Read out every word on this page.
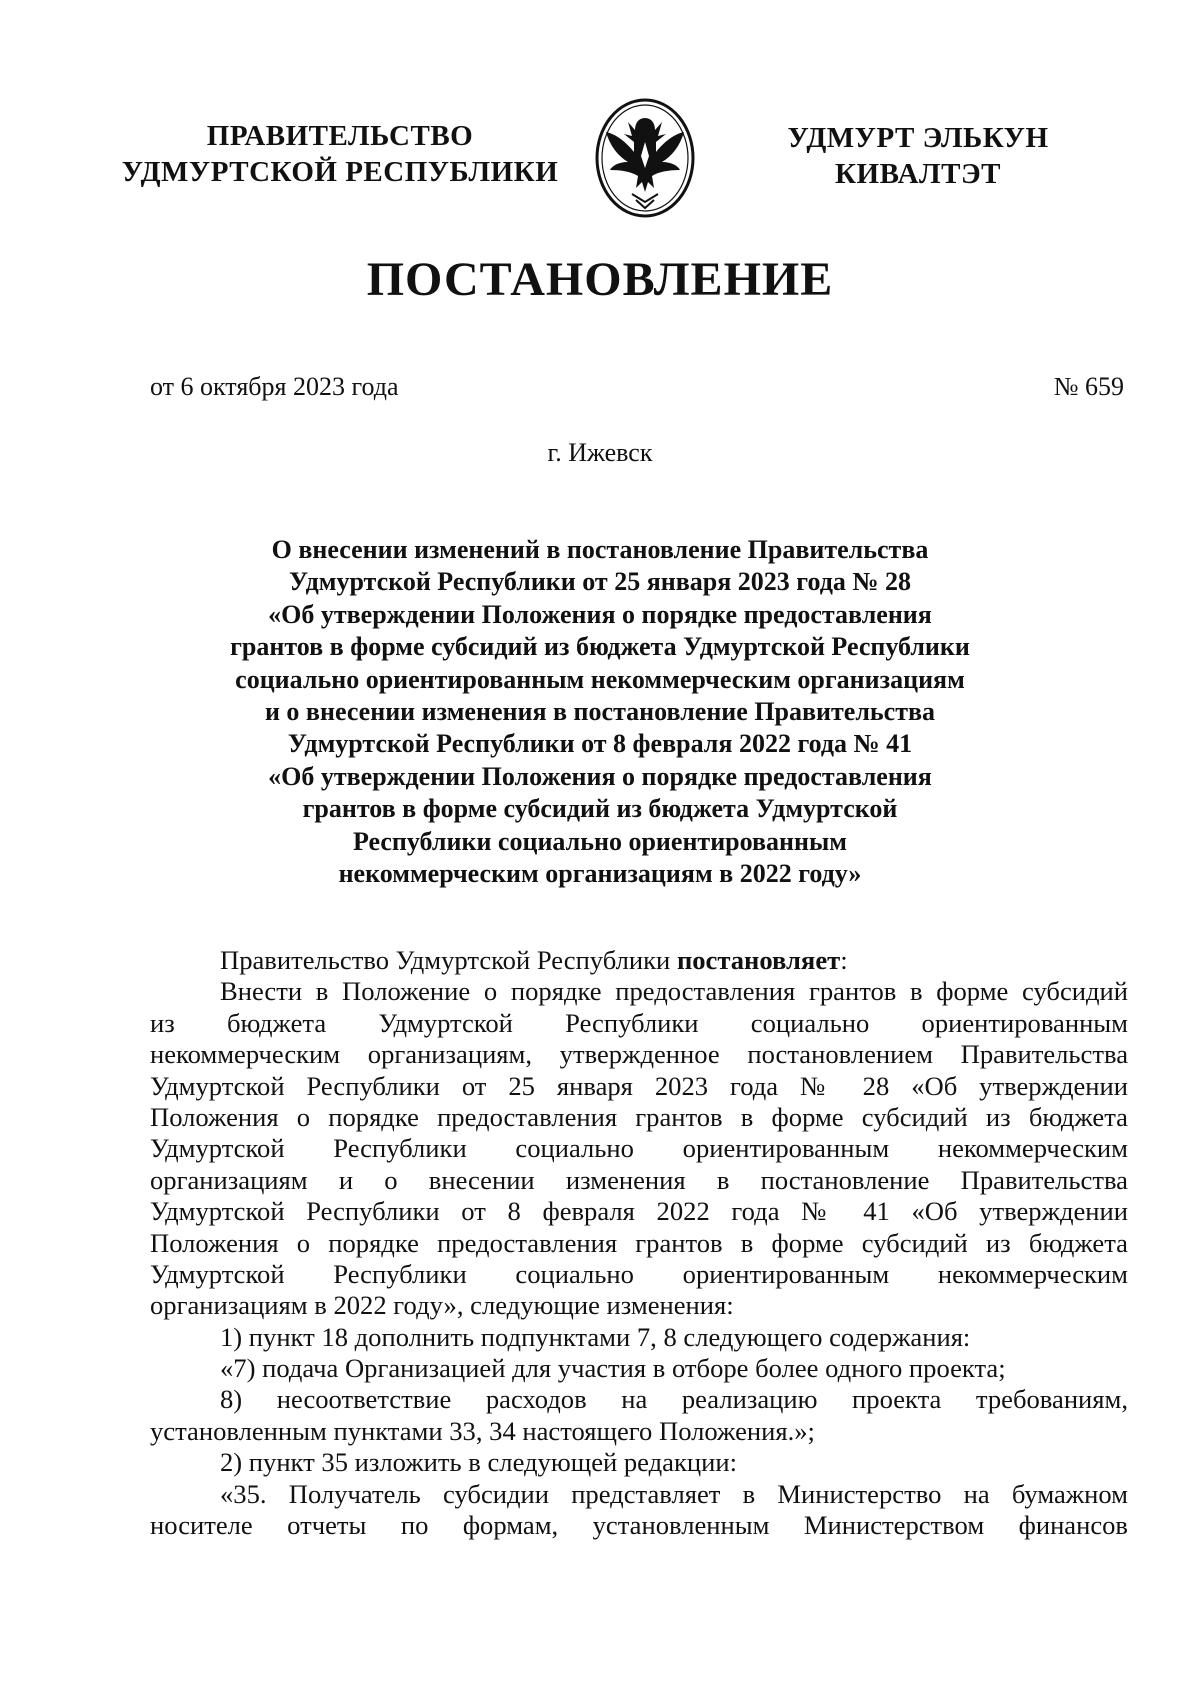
ПРАВИТЕЛЬСТВО
УДМУРТСКОЙ РЕСПУБЛИКИ
УДМУРТ ЭЛЬКУН
КИВАЛТЭТ
ПОСТАНОВЛЕНИЕ
от 6 октября 2023 года	№ 659
г. Ижевск
О внесении изменений в постановление Правительства
Удмуртской Республики от 25 января 2023 года № 28
«Об утверждении Положения о порядке предоставления
грантов в форме субсидий из бюджета Удмуртской Республики
социально ориентированным некоммерческим организациям
и о внесении изменения в постановление Правительства
Удмуртской Республики от 8 февраля 2022 года № 41
«Об утверждении Положения о порядке предоставления
грантов в форме субсидий из бюджета Удмуртской
Республики социально ориентированным
некоммерческим организациям в 2022 году»
Правительство Удмуртской Республики постановляет:
Внести в Положение о порядке предоставления грантов в форме субсидий
из бюджета Удмуртской Республики социально ориентированным
некоммерческим организациям, утвержденное постановлением Правительства
Удмуртской Республики от 25 января 2023 года № 28 «Об утверждении
Положения о порядке предоставления грантов в форме субсидий из бюджета
Удмуртской Республики социально ориентированным некоммерческим
организациям и о внесении изменения в постановление Правительства
Удмуртской Республики от 8 февраля 2022 года № 41 «Об утверждении
Положения о порядке предоставления грантов в форме субсидий из бюджета
Удмуртской Республики социально ориентированным некоммерческим
организациям в 2022 году», следующие изменения:
1) пункт 18 дополнить подпунктами 7, 8 следующего содержания:
«7) подача Организацией для участия в отборе более одного проекта;
8) несоответствие расходов на реализацию проекта требованиям,
установленным пунктами 33, 34 настоящего Положения.»;
2) пункт 35 изложить в следующей редакции:
«35. Получатель субсидии представляет в Министерство на бумажном
носителе отчеты по формам, установленным Министерством финансов
